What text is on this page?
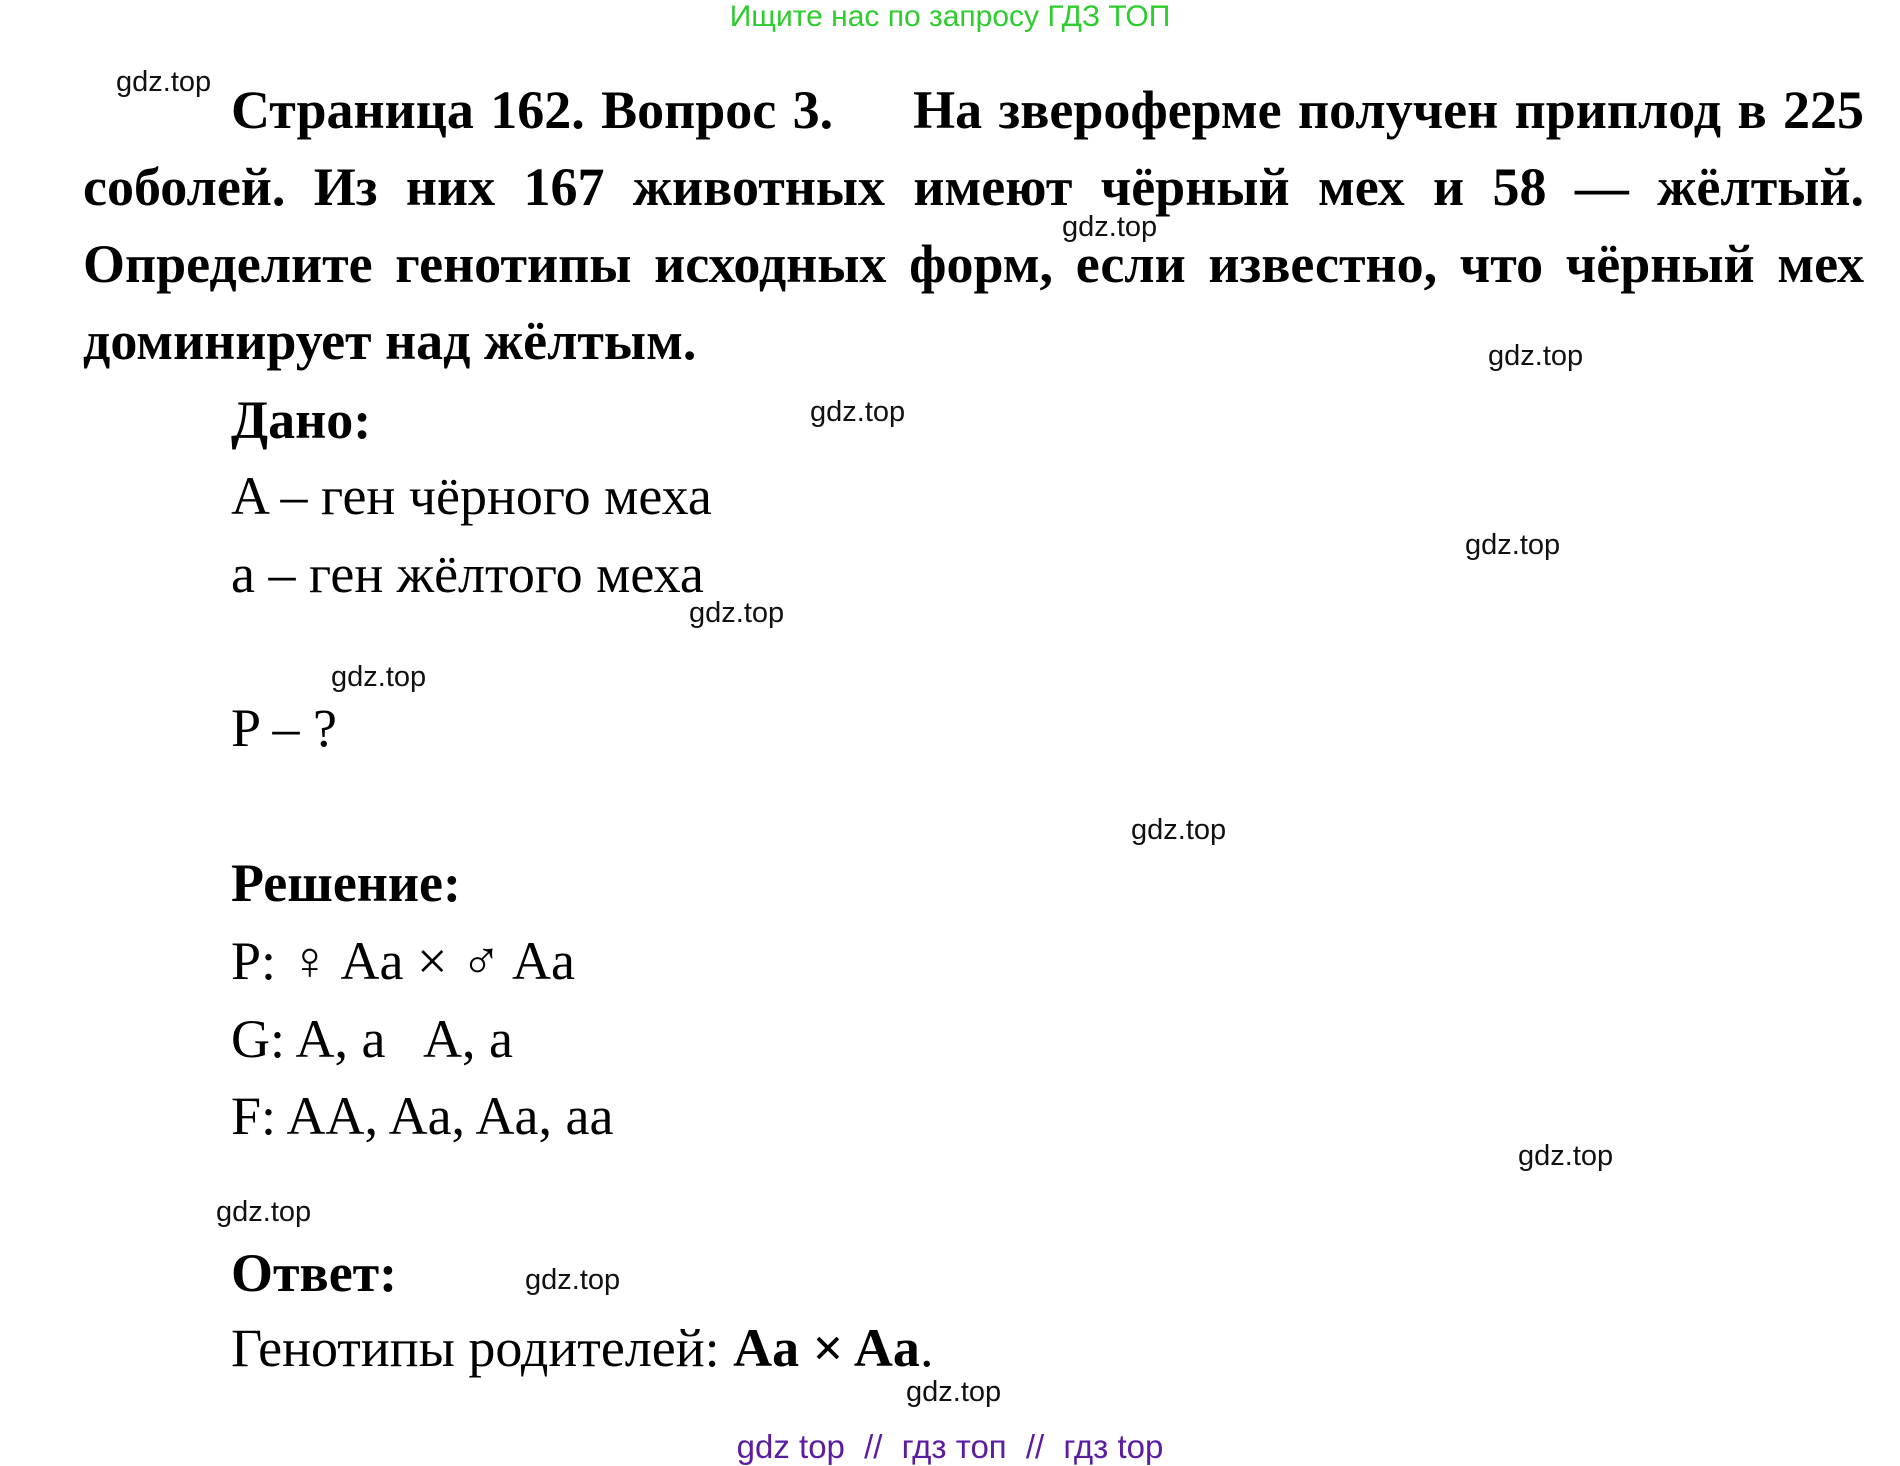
Ищите нас по запросу ГДЗ ТОП
Страница 162. Вопрос 3. На звероферме получен приплод в 225 соболей. Из них 167 животных имеют чёрный мех и 58 — жёлтый. Определите генотипы исходных форм, если известно, что чёрный мех доминирует над жёлтым.
Дано:
A – ген чёрного меха
a – ген жёлтого меха
P – ?
Решение:
P: ♀ Aa × ♂ Aa
G: A, a   A, a
F: AA, Aa, Aa, aa
Ответ:
Генотипы родителей: Aa × Aa.
gdz.top
gdz.top
gdz.top
gdz.top
gdz.top
gdz.top
gdz.top
gdz.top
gdz.top
gdz.top
gdz.top
gdz.top
gdz top // гдз топ // гдз top
